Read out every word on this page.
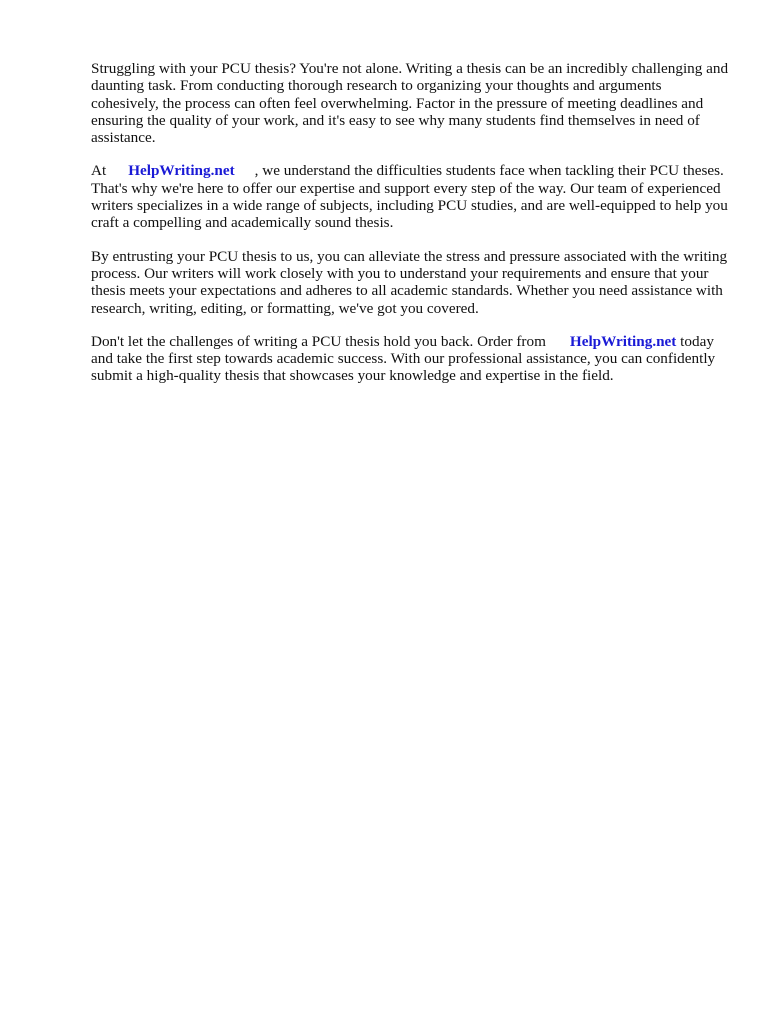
Struggling with your PCU thesis? You're not alone. Writing a thesis can be an incredibly challenging and daunting task. From conducting thorough research to organizing your thoughts and arguments cohesively, the process can often feel overwhelming. Factor in the pressure of meeting deadlines and ensuring the quality of your work, and it's easy to see why many students find themselves in need of assistance.

At HelpWriting.net , we understand the difficulties students face when tackling their PCU theses. That's why we're here to offer our expertise and support every step of the way. Our team of experienced writers specializes in a wide range of subjects, including PCU studies, and are well-equipped to help you craft a compelling and academically sound thesis.

By entrusting your PCU thesis to us, you can alleviate the stress and pressure associated with the writing process. Our writers will work closely with you to understand your requirements and ensure that your thesis meets your expectations and adheres to all academic standards. Whether you need assistance with research, writing, editing, or formatting, we've got you covered.

Don't let the challenges of writing a PCU thesis hold you back. Order from HelpWriting.net today and take the first step towards academic success. With our professional assistance, you can confidently submit a high-quality thesis that showcases your knowledge and expertise in the field.
